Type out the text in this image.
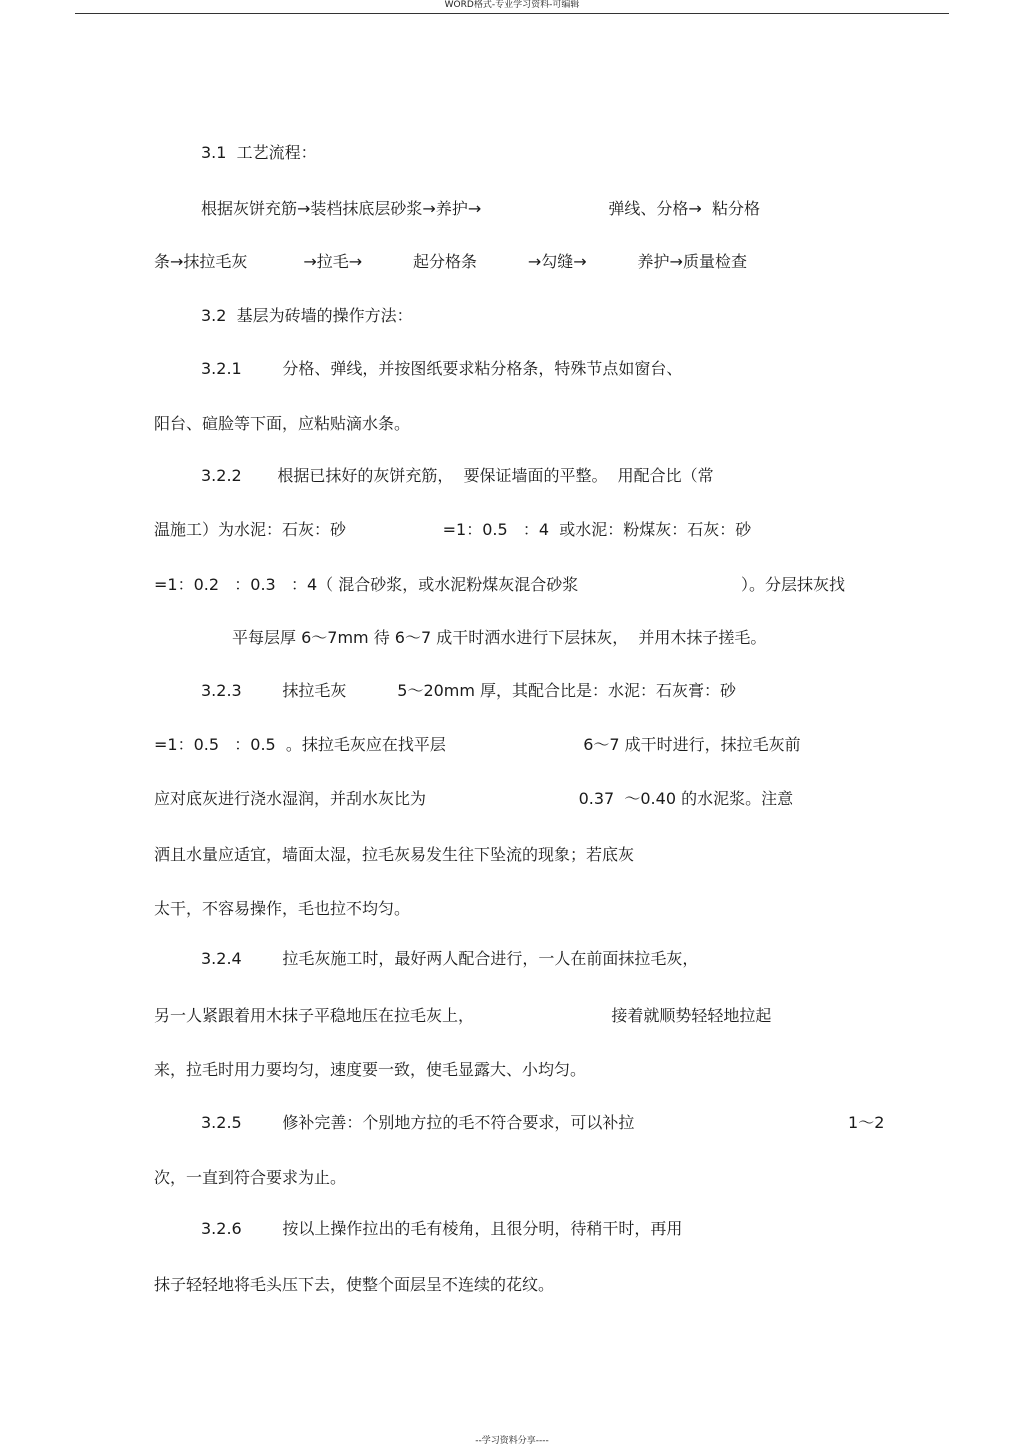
WORD格式-专业学习资料-可编辑
3.1  工艺流程：
根据灰饼充筋→装档抹底层砂浆→养护→                         弹线、分格→  粘分格
条→抹拉毛灰           →拉毛→          起分格条          →勾缝→          养护→质量检查
3.2  基层为砖墙的操作方法：
3.2.1        分格、弹线，并按图纸要求粘分格条，特殊节点如窗台、
阳台、碹脸等下面，应粘贴滴水条。
3.2.2       根据已抹好的灰饼充筋，  要保证墙面的平整。  用配合比（常
温施工）为水泥：石灰：砂                   =1：0.5   ：4  或水泥：粉煤灰：石灰：砂
=1：0.2   ：0.3   ：4（ 混合砂浆，或水泥粉煤灰混合砂浆                                ）。分层抹灰找
平每层厚 6～7mm 待 6～7 成干时洒水进行下层抹灰，  并用木抹子搓毛。
3.2.3        抹拉毛灰          5～20mm 厚，其配合比是：水泥：石灰膏：砂
=1：0.5   ：0.5  。抹拉毛灰应在找平层                           6～7 成干时进行，抹拉毛灰前
应对底灰进行浇水湿润，并刮水灰比为                              0.37  ～0.40 的水泥浆。注意
洒且水量应适宜，墙面太湿，拉毛灰易发生往下坠流的现象；若底灰
太干，不容易操作，毛也拉不均匀。
3.2.4        拉毛灰施工时，最好两人配合进行，一人在前面抹拉毛灰，
另一人紧跟着用木抹子平稳地压在拉毛灰上，                           接着就顺势轻轻地拉起
来，拉毛时用力要均匀，速度要一致，使毛显露大、小均匀。
3.2.5        修补完善：个别地方拉的毛不符合要求，可以补拉                                          1～2
次，一直到符合要求为止。
3.2.6        按以上操作拉出的毛有棱角，且很分明，待稍干时，再用
抹子轻轻地将毛头压下去，使整个面层呈不连续的花纹。
--学习资料分享----
